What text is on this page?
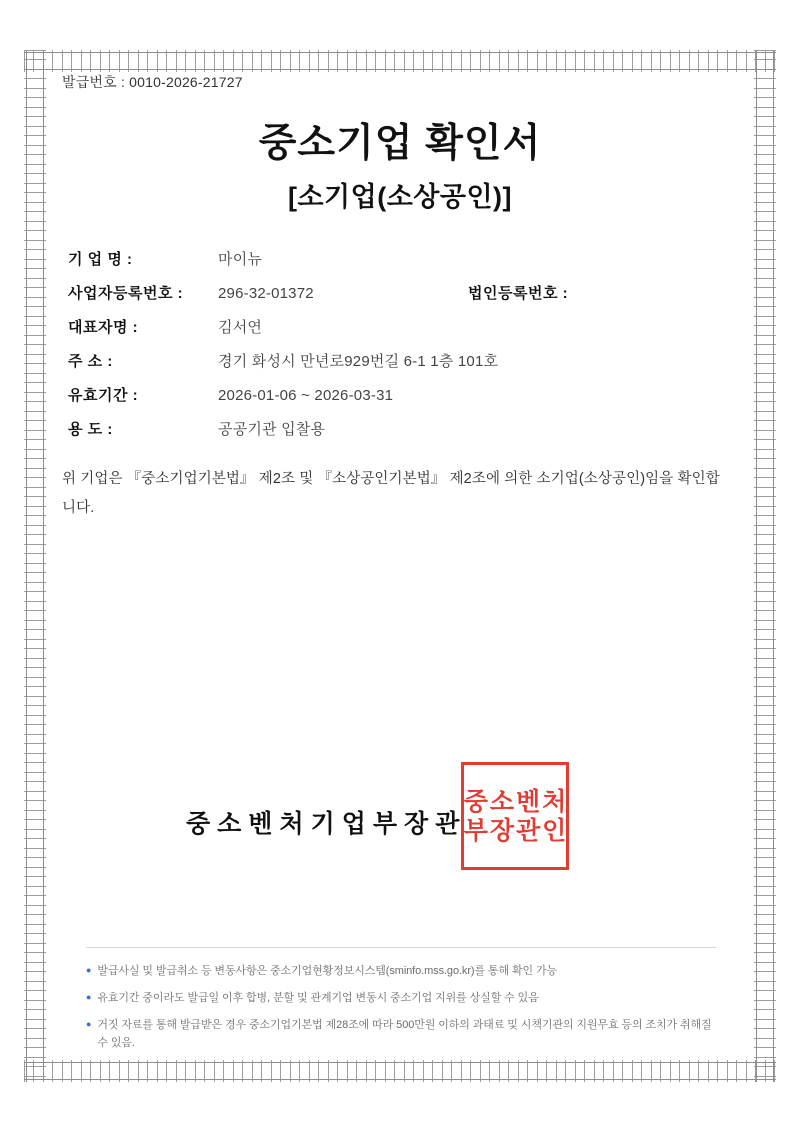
발급번호 : 0010-2026-21727
중소기업 확인서
[소기업(소상공인)]
기 업 명 :	마이뉴
사업자등록번호 :	296-32-01372	법인등록번호 :
대표자명 :	김서연
주 소 :	경기 화성시 만년로929번길 6-1 1층 101호
유효기간 :	2026-01-06 ~ 2026-03-31
용 도 :	공공기관 입찰용
위 기업은 『중소기업기본법』 제2조 및 『소상공인기본법』 제2조에 의한 소기업(소상공인)임을 확인합니다.
중소벤처기업부장관
중 소 벤 처
부 장 관 인
● 발급사실 및 발급취소 등 변동사항은 중소기업현황정보시스템(sminfo.mss.go.kr)를 통해 확인 가능
● 유효기간 중이라도 발급일 이후 합병, 분할 및 관계기업 변동시 중소기업 지위를 상실할 수 있음
● 거짓 자료를 통해 발급받은 경우 중소기업기본법 제28조에 따라 500만원 이하의 과태료 및 시책기관의 지원무효 등의 조치가 취해질 수 있음.
